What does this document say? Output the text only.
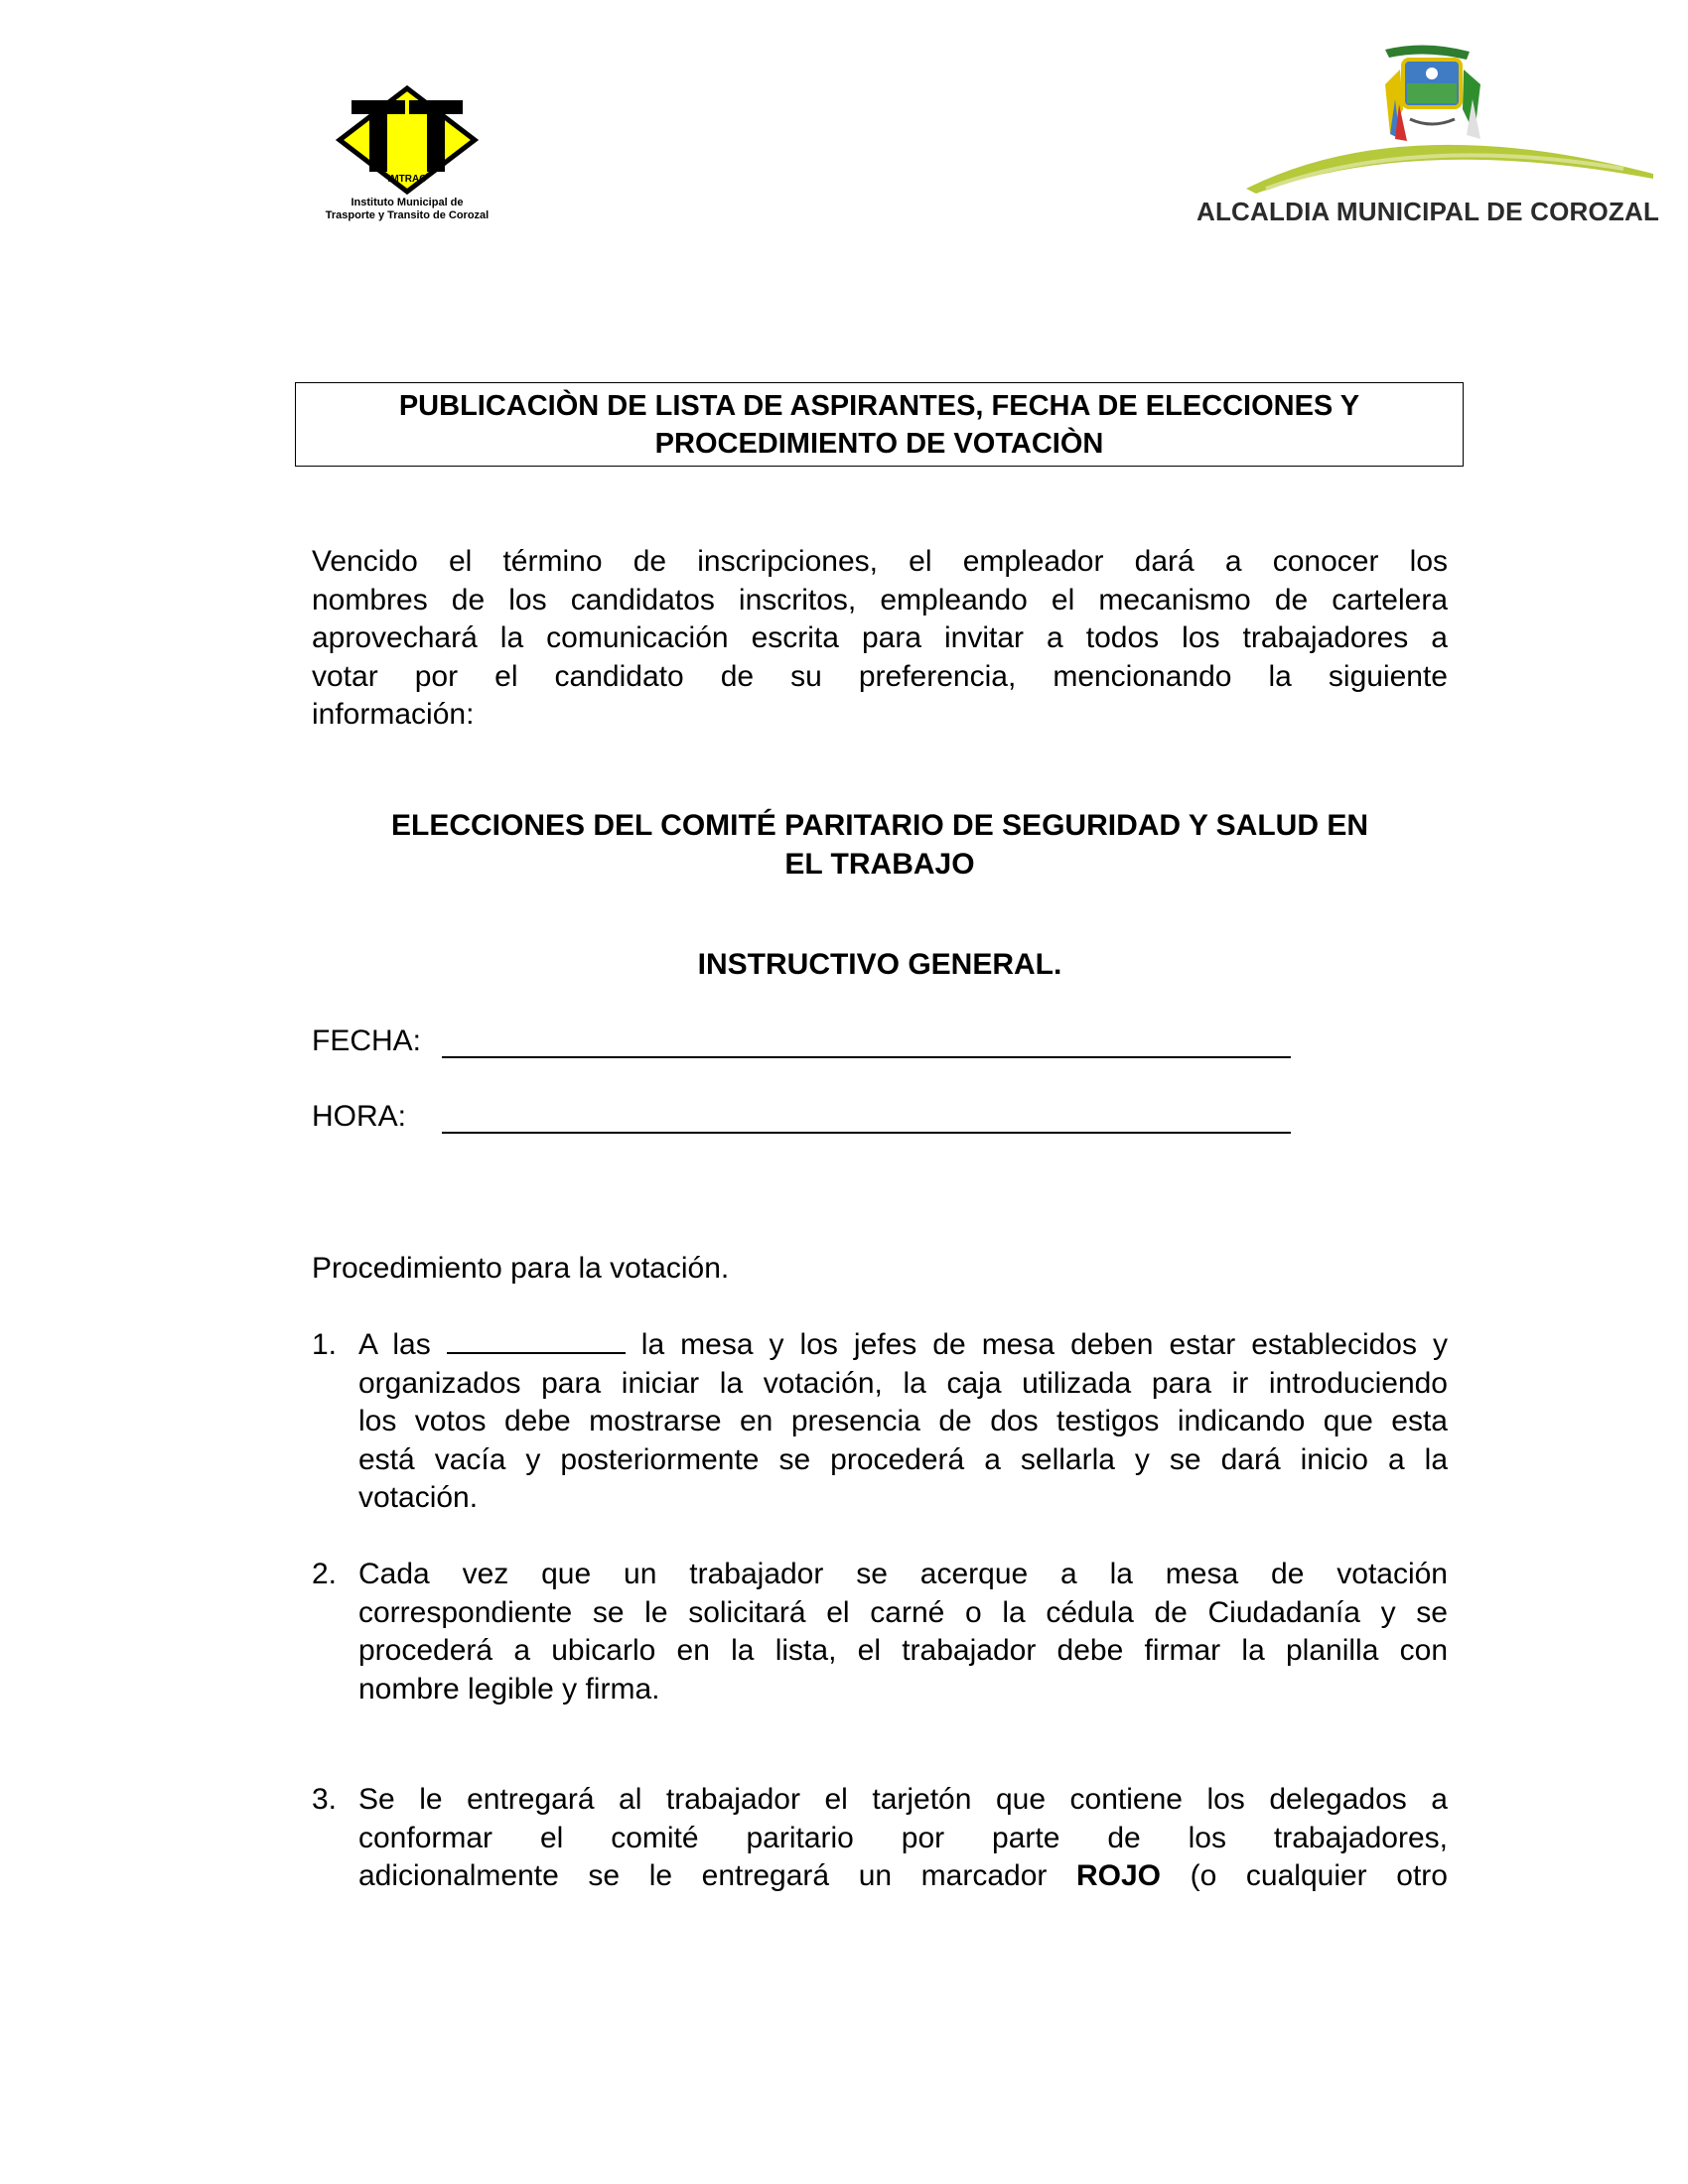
IMTRAC
Instituto Municipal de
Trasporte y Transito de Corozal	ALCALDIA MUNICIPAL DE COROZAL
PUBLICACIÒN DE LISTA DE ASPIRANTES, FECHA DE ELECCIONES Y
PROCEDIMIENTO DE VOTACIÒN
Vencido el término de inscripciones, el empleador dará a conocer los
nombres de los candidatos inscritos, empleando el mecanismo de cartelera
aprovechará la comunicación escrita para invitar a todos los trabajadores a
votar por el candidato de su preferencia, mencionando la siguiente
información:
ELECCIONES DEL COMITÉ PARITARIO DE SEGURIDAD Y SALUD EN
EL TRABAJO
INSTRUCTIVO GENERAL.
FECHA:
HORA:
Procedimiento para la votación.
1. A las	la mesa y los jefes de mesa deben estar establecidos y
organizados para iniciar la votación, la caja utilizada para ir introduciendo
los votos debe mostrarse en presencia de dos testigos indicando que esta
está vacía y posteriormente se procederá a sellarla y se dará inicio a la
votación.
2. Cada vez que un trabajador se acerque a la mesa de votación
correspondiente se le solicitará el carné o la cédula de Ciudadanía y se
procederá a ubicarlo en la lista, el trabajador debe firmar la planilla con
nombre legible y firma.
3. Se le entregará al trabajador el tarjetón que contiene los delegados a
conformar el comité paritario por parte de los trabajadores,
adicionalmente se le entregará un marcador ROJO (o cualquier otro
